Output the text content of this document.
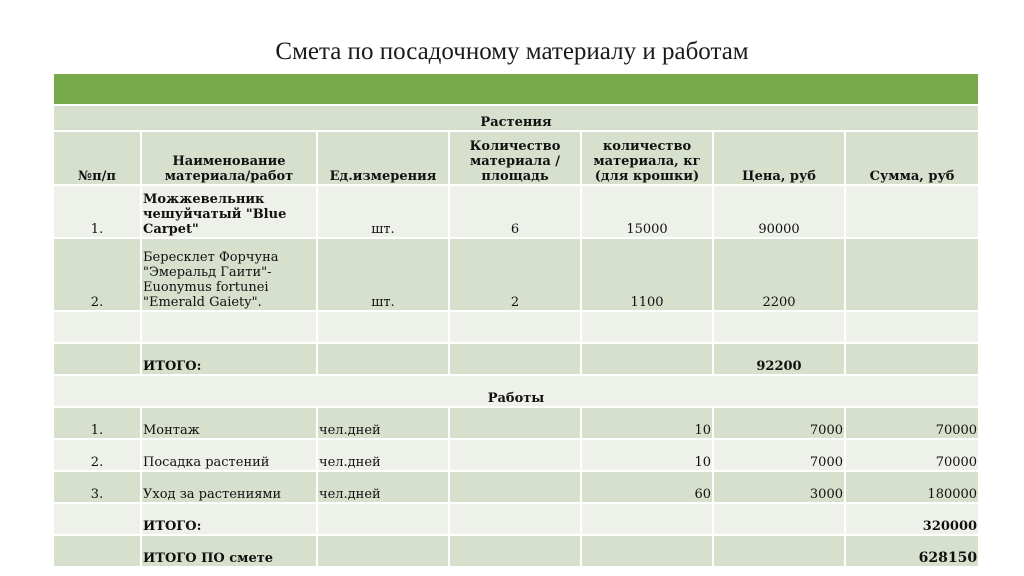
Смета по посадочному материалу и работам

Растения						
№п/п	Наименование материала/работ	Ед.измерения	Количество материала /площадь	количество материала, кг (для крошки)	Цена, руб	Сумма, руб
1.	Можжевельник чешуйчатый "Blue Carpet"	шт.	6	15000	90000	
2.	Бересклет Форчуна "Эмеральд Гаити"- Euonymus fortunei "Emerald Gaiety".	шт.	2	1100	2200	

	ИТОГО:				92200	
Работы						
1.	Монтаж	чел.дней		10	7000	70000
2.	Посадка растений	чел.дней		10	7000	70000
3.	Уход за растениями	чел.дней		60	3000	180000
	ИТОГО:					320000
	ИТОГО ПО смете					628150
